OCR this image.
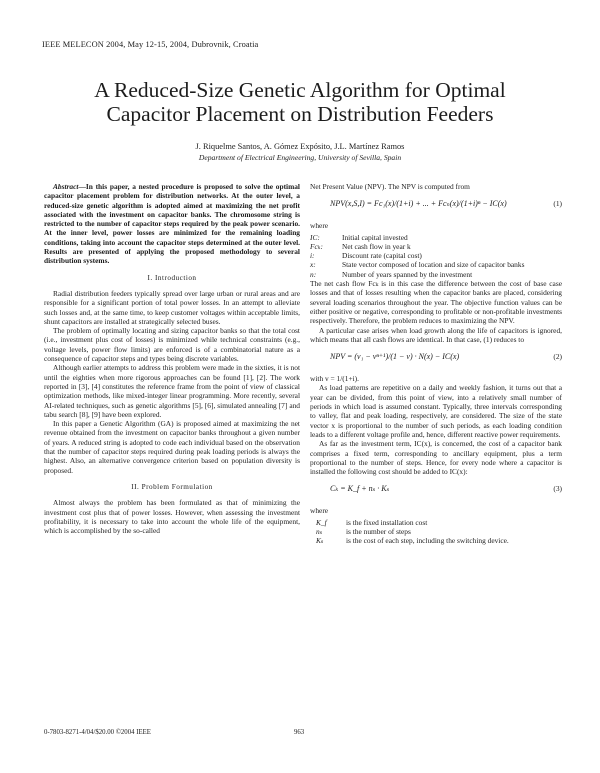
IEEE MELECON 2004, May 12-15, 2004, Dubrovnik, Croatia
A Reduced-Size Genetic Algorithm for Optimal
Capacitor Placement on Distribution Feeders
J. Riquelme Santos, A. Gómez Expósito, J.L. Martínez Ramos
Department of Electrical Engineering, University of Sevilla, Spain

Abstract—In this paper, a nested procedure is proposed to solve the optimal capacitor placement problem for distribution networks. At the outer level, a reduced-size genetic algorithm is adopted aimed at maximizing the net profit associated with the investment on capacitor banks. The chromosome string is restricted to the number of capacitor steps required by the peak power scenario. At the inner level, power losses are minimized for the remaining loading conditions, taking into account the capacitor steps determined at the outer level. Results are presented of applying the proposed methodology to several distribution systems.

I. Introduction

Radial distribution feeders typically spread over large urban or rural areas and are responsible for a significant portion of total power losses. In an attempt to alleviate such losses and, at the same time, to keep customer voltages within acceptable limits, shunt capacitors are installed at strategically selected buses.

The problem of optimally locating and sizing capacitor banks so that the total cost (i.e., investment plus cost of losses) is minimized while technical constraints (e.g., voltage levels, power flow limits) are enforced is of a combinatorial nature as a consequence of capacitor steps and types being discrete variables.

Although earlier attempts to address this problem were made in the sixties, it is not until the eighties when more rigorous approaches can be found [1], [2]. The work reported in [3], [4] constitutes the reference frame from the point of view of classical optimization methods, like mixed-integer linear programming. More recently, several AI-related techniques, such as genetic algorithms [5], [6], simulated annealing [7] and tabu search [8], [9] have been explored.

In this paper a Genetic Algorithm (GA) is proposed aimed at maximizing the net revenue obtained from the investment on capacitor banks throughout a given number of years. A reduced string is adopted to code each individual based on the observation that the number of capacitor steps required during peak loading periods is always the highest. Also, an alternative convergence criterion based on population diversity is proposed.

II. Problem Formulation

Almost always the problem has been formulated as that of minimizing the investment cost plus that of power losses. However, when assessing the investment profitability, it is necessary to take into account the whole life of the equipment, which is accomplished by the so-called

Net Present Value (NPV). The NPV is computed from

NPV(x,S,I) = Fc₁(x)/(1+i) + ... + Fcₙ(x)/(1+i)ⁿ − IC(x)	(1)
where
IC:	Initial capital invested
Fcₖ:	Net cash flow in year k
i:	Discount rate (capital cost)
x:	State vector composed of location and size of capacitor banks
n:	Number of years spanned by the investment

The net cash flow Fcₖ is in this case the difference between the cost of base case losses and that of losses resulting when the capacitor banks are placed, considering several loading scenarios throughout the year. The objective function values can be either positive or negative, corresponding to profitable or non-profitable investments respectively. Therefore, the problem reduces to maximizing the NPV.

A particular case arises when load growth along the life of capacitors is ignored, which means that all cash flows are identical. In that case, (1) reduces to

NPV = (v₁ − vⁿ⁺¹)/(1 − v) · N(x) − IC(x)	(2)

with v = 1/(1+i).

As load patterns are repetitive on a daily and weekly fashion, it turns out that a year can be divided, from this point of view, into a relatively small number of periods in which load is assumed constant. Typically, three intervals corresponding to valley, flat and peak loading, respectively, are considered. The size of the state vector x is proportional to the number of such periods, as each loading condition leads to a different voltage profile and, hence, different reactive power requirements.

As far as the investment term, IC(x), is concerned, the cost of a capacitor bank comprises a fixed term, corresponding to ancillary equipment, plus a term proportional to the number of steps. Hence, for every node where a capacitor is installed the following cost should be added to IC(x):

Cₖ = K_f + nₛ · Kₛ	(3)
where
K_f	is the fixed installation cost
nₛ	is the number of steps
Kₛ	is the cost of each step, including the switching device.
0-7803-8271-4/04/$20.00 ©2004 IEEE	963
